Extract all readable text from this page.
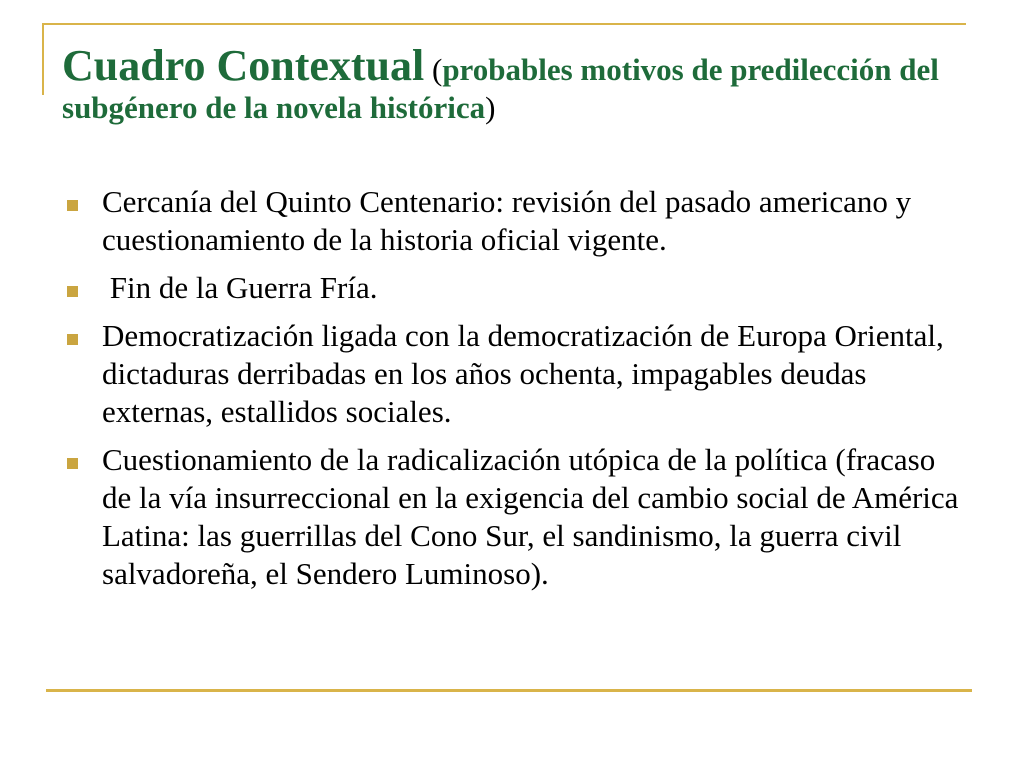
Cuadro Contextual (probables motivos de predilección del subgénero de la novela histórica)
Cercanía del Quinto Centenario: revisión del pasado americano y cuestionamiento de la historia oficial vigente.
Fin de la Guerra Fría.
Democratización ligada con la democratización de Europa Oriental, dictaduras derribadas en los años ochenta, impagables deudas externas, estallidos sociales.
Cuestionamiento de la radicalización utópica de la política (fracaso de la vía insurreccional en la exigencia del cambio social de América Latina: las guerrillas del Cono Sur, el sandinismo, la guerra civil salvadoreña, el Sendero Luminoso).
